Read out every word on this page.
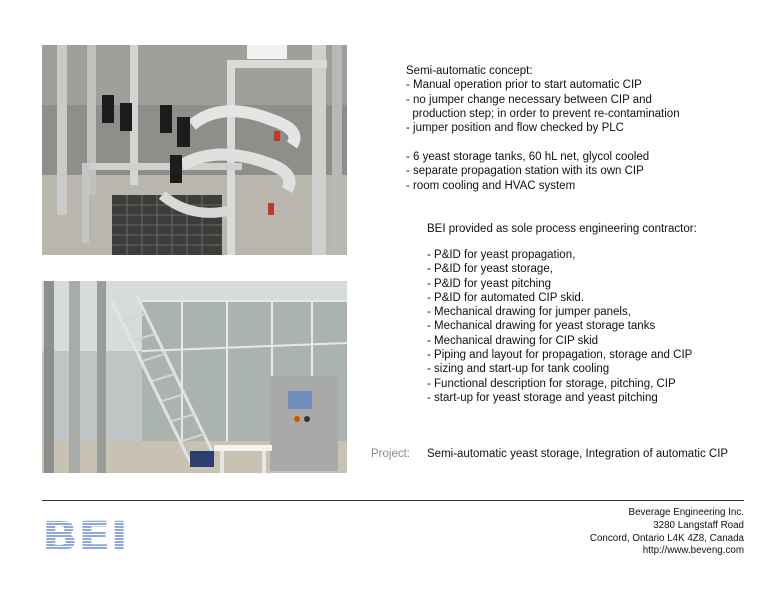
Semi-automatic concept:
- Manual operation prior to start automatic CIP
- no jumper change necessary between CIP and
production step; in order to prevent re-contamination
- jumper position and flow checked by PLC
- 6 yeast storage tanks, 60 hL net, glycol cooled
- separate propagation station with its own CIP
- room cooling and HVAC system
BEI provided as sole process engineering contractor:
- P&ID for yeast propagation,
- P&ID for yeast storage,
- P&ID for yeast pitching
- P&ID for automated CIP skid.
- Mechanical drawing for jumper panels,
- Mechanical drawing for yeast storage tanks
- Mechanical drawing for CIP skid
- Piping and layout for propagation, storage and CIP
- sizing and start-up for tank cooling
- Functional description for storage, pitching, CIP
- start-up for yeast storage and yeast pitching
Project: Semi-automatic yeast storage, Integration of automatic CIP
BEI
Beverage Engineering Inc.
3280 Langstaff Road
Concord, Ontario L4K 4Z8, Canada
http://www.beveng.com
